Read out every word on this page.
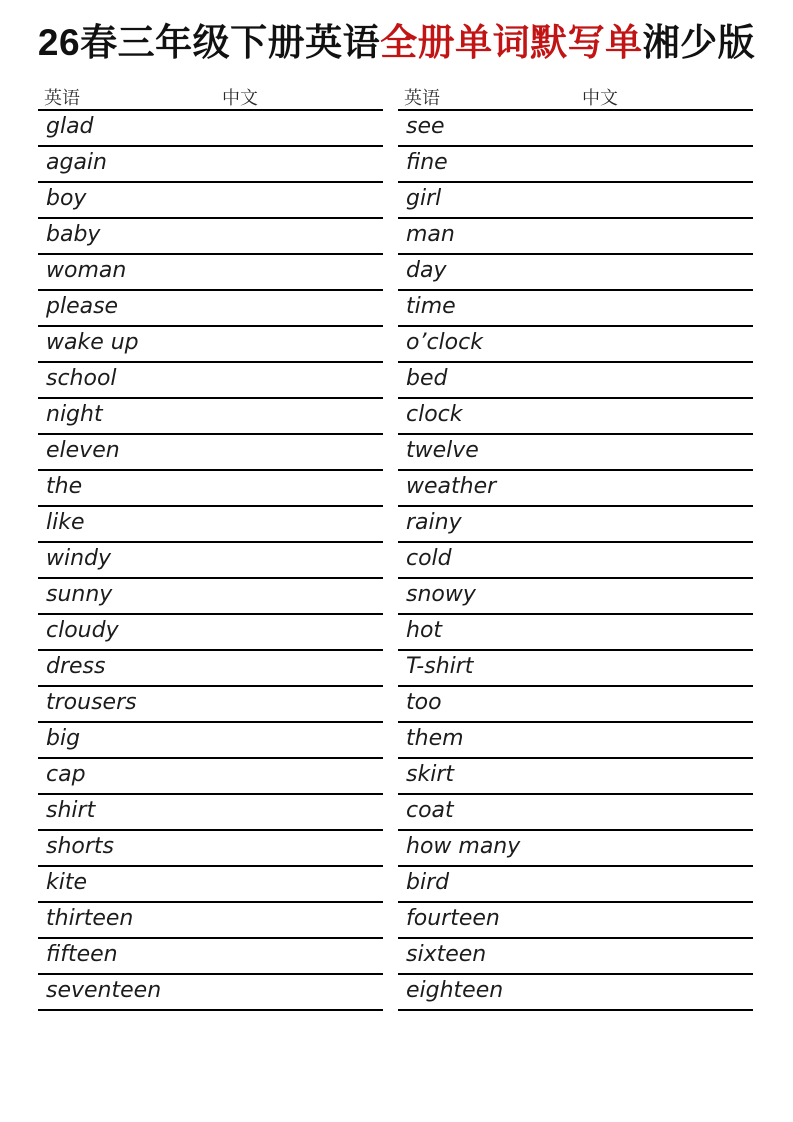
26春三年级下册英语全册单词默写单湘少版
英语	中文
glad
again
boy
baby
woman
please
wake up
school
night
eleven
the
like
windy
sunny
cloudy
dress
trousers
big
cap
shirt
shorts
kite
thirteen
fifteen
seventeen
英语	中文
see
fine
girl
man
day
time
o’clock
bed
clock
twelve
weather
rainy
cold
snowy
hot
T-shirt
too
them
skirt
coat
how many
bird
fourteen
sixteen
eighteen
